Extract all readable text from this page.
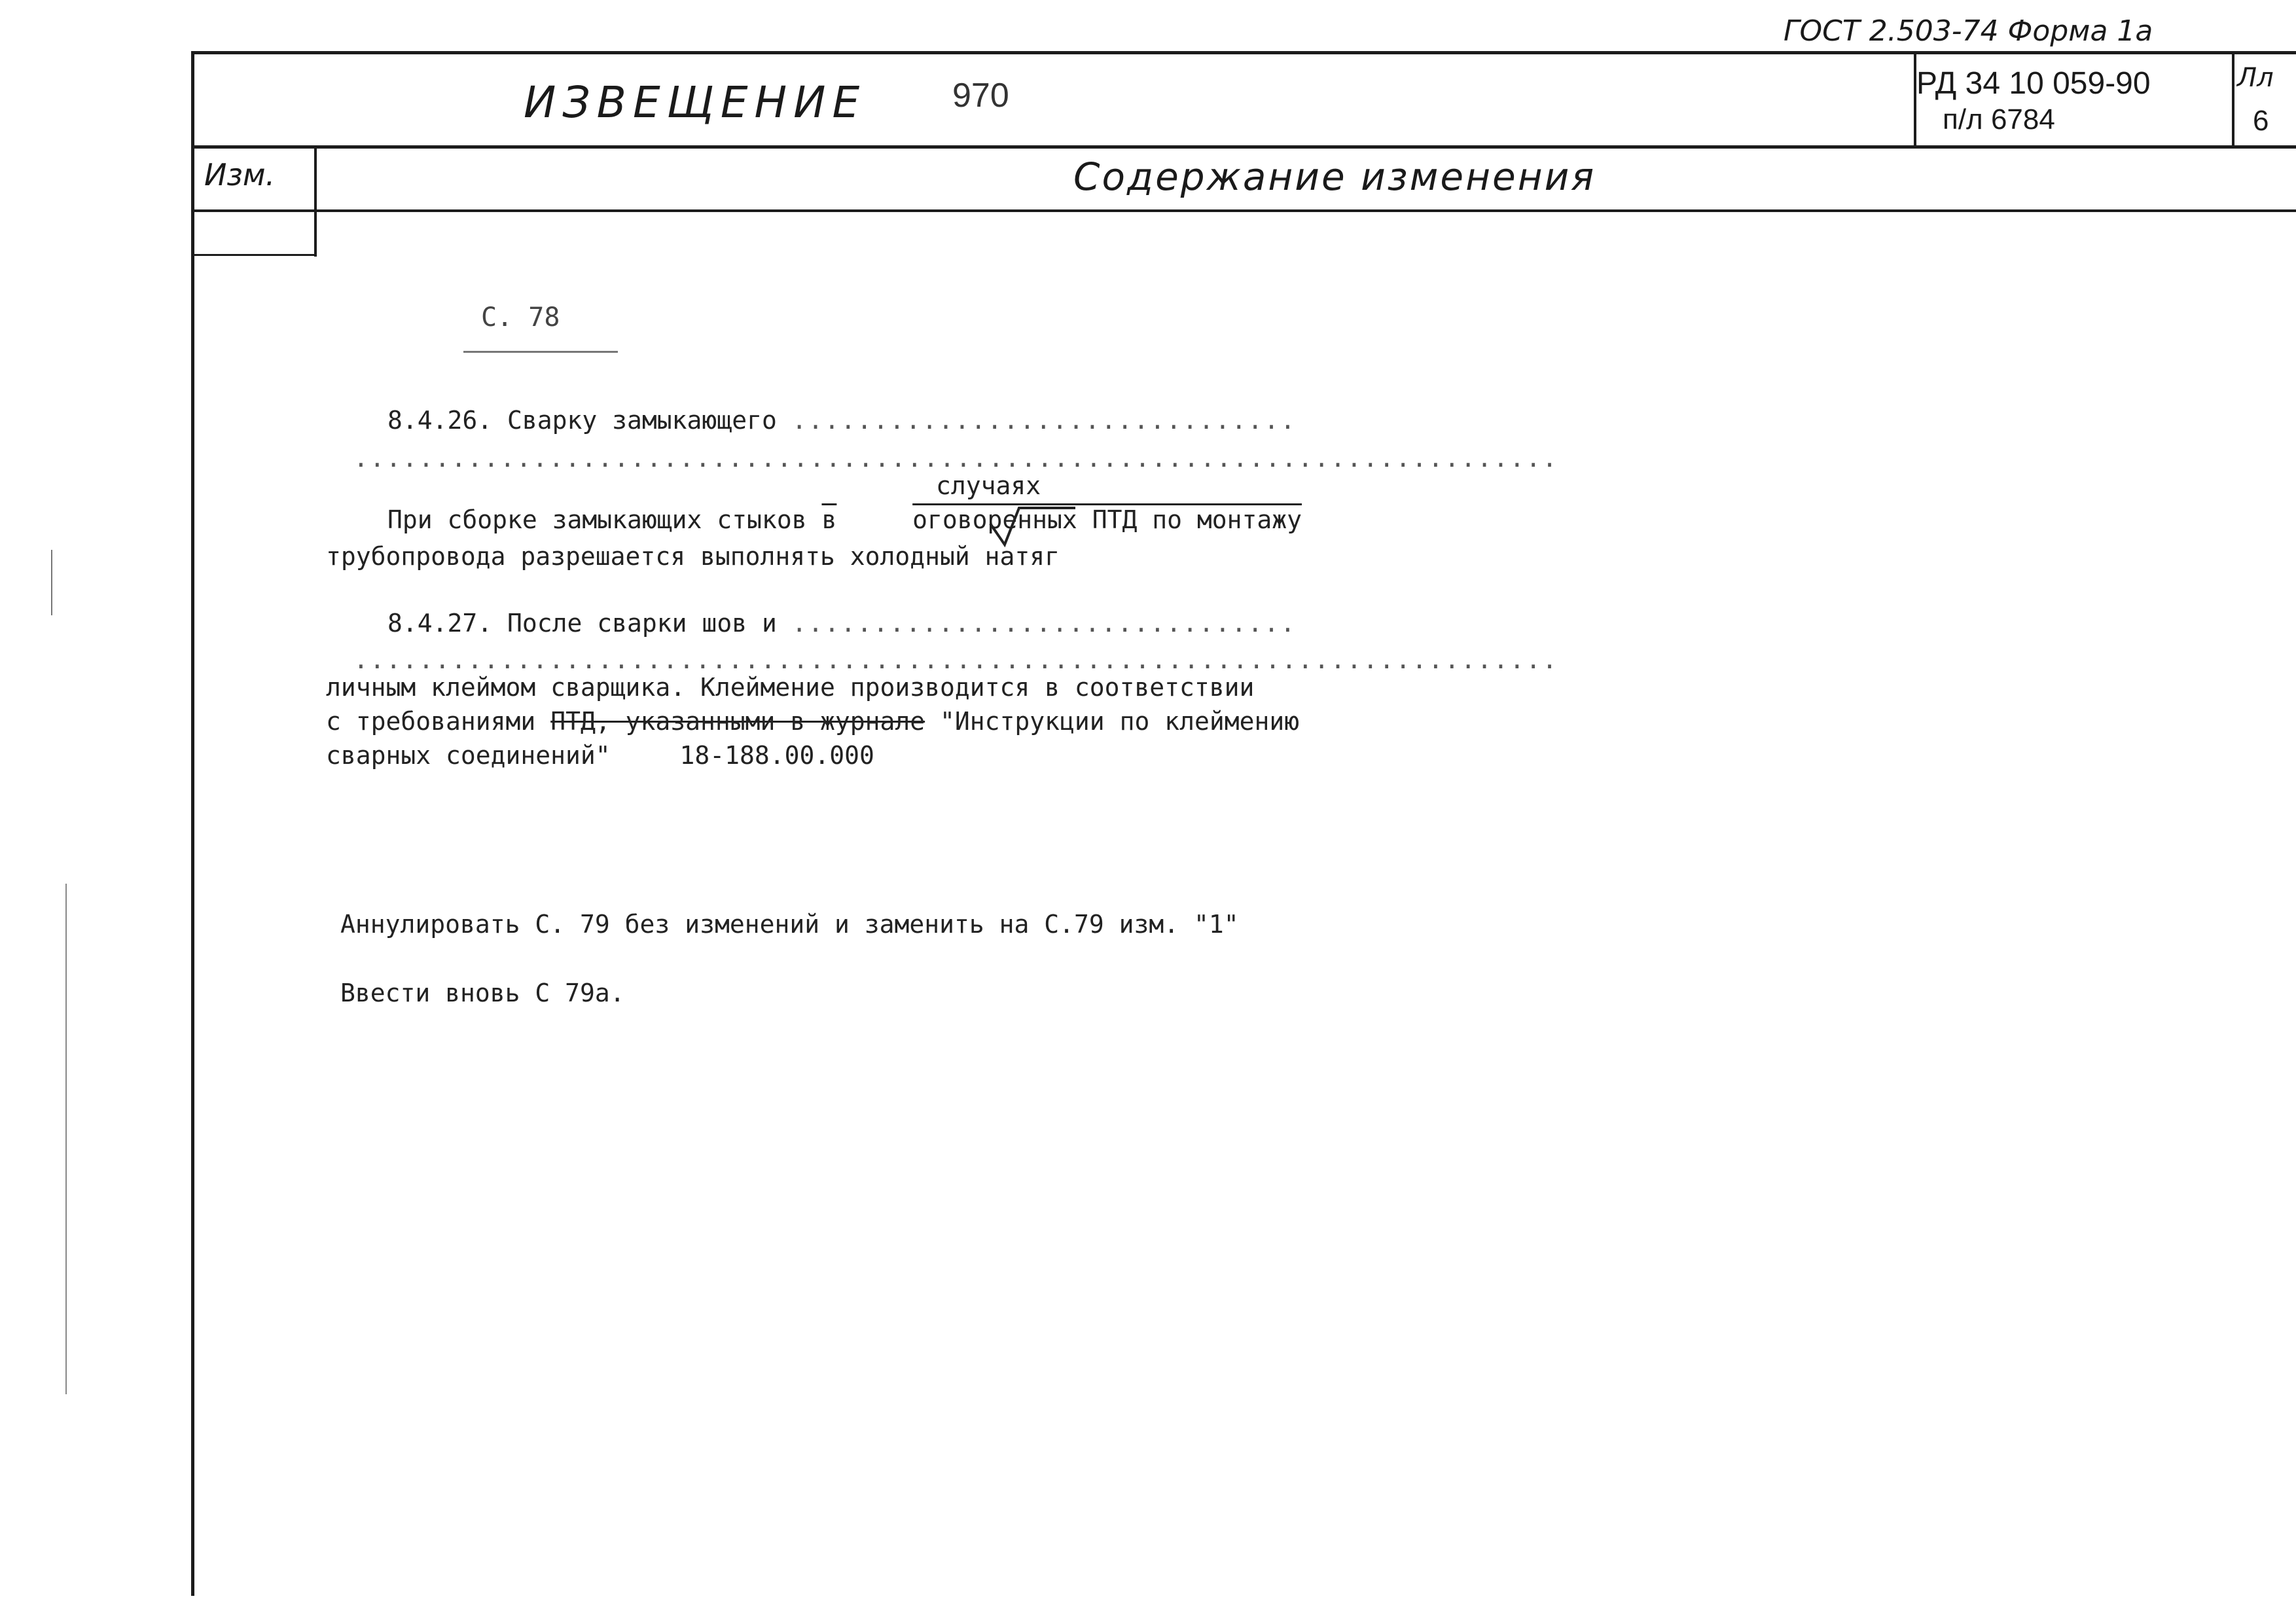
ГОСТ 2.503-74 Форма 1а
ИЗВЕЩЕНИЕ	970	РД 34 10 059-90
п/л 6784
Лл
6
Изм.	Содержание изменения
С. 78
8.4.26. Сварку замыкающего ...............................
..........................................................................
случаях
При сборке замыкающих стыков в	оговоренных ПТД по монтажу
трубопровода разрешается выполнять холодный натяг
8.4.27. После сварки шов и ...............................
..........................................................................
личным клеймом сварщика. Клеймение производится в соответствии
с требованиями ПТД, указанными в журнале "Инструкции по клеймению
сварных соединений"	18-188.00.000
Аннулировать С. 79 без изменений и заменить на С.79 изм. "1"
Ввести вновь С 79а.
